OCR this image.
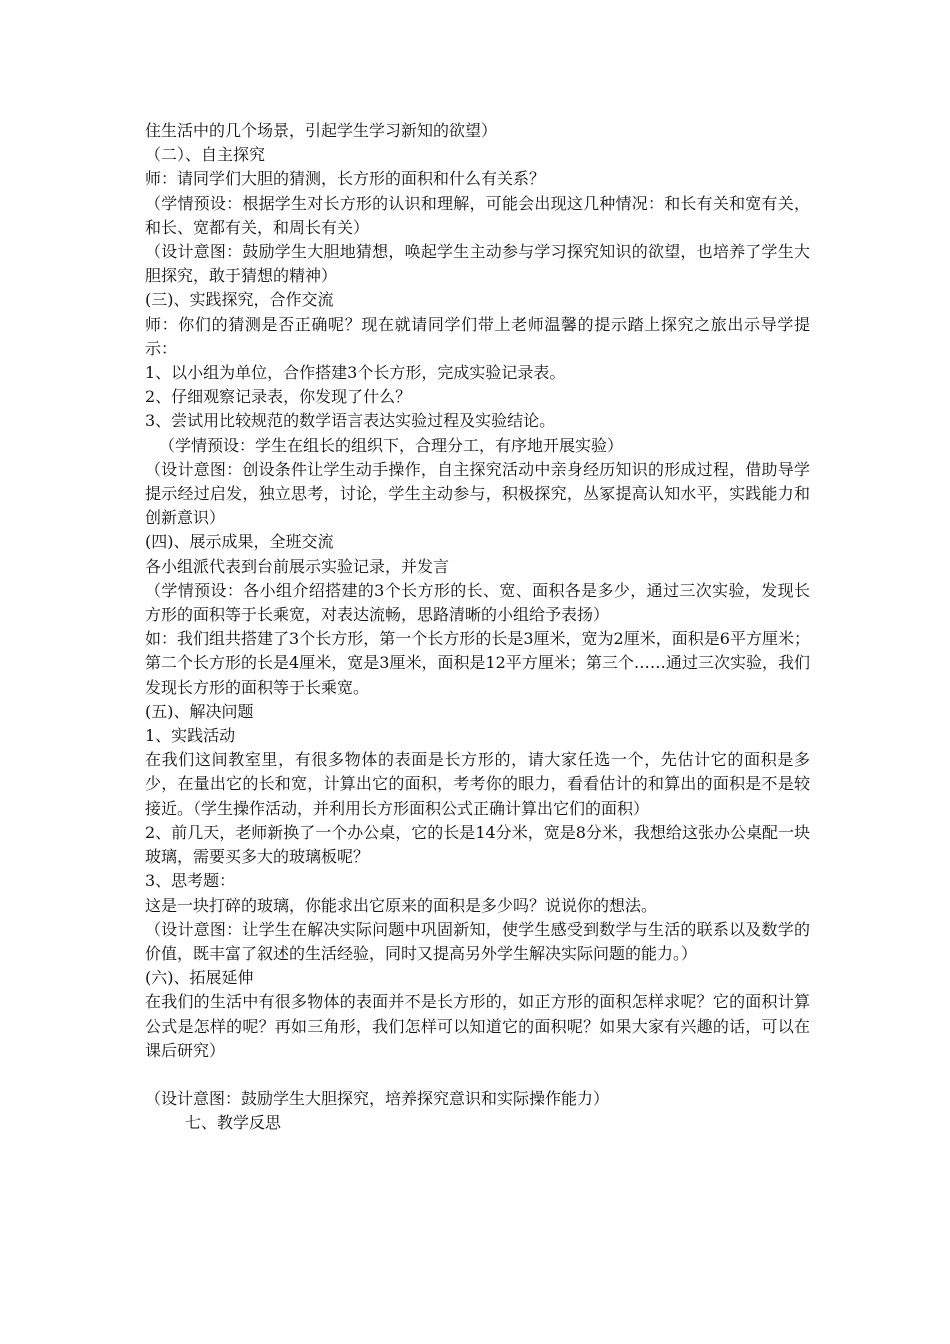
住生活中的几个场景，引起学生学习新知的欲望）

（二）、自主探究

师：请同学们大胆的猜测，长方形的面积和什么有关系？

（学情预设：根据学生对长方形的认识和理解，可能会出现这几种情况：和长有关和宽有关，和长、宽都有关，和周长有关）

（设计意图：鼓励学生大胆地猜想，唤起学生主动参与学习探究知识的欲望，也培养了学生大胆探究，敢于猜想的精神）

(三)、实践探究，合作交流

师：你们的猜测是否正确呢？现在就请同学们带上老师温馨的提示踏上探究之旅出示导学提示：

1、以小组为单位，合作搭建3个长方形，完成实验记录表。

2、仔细观察记录表，你发现了什么？

3、尝试用比较规范的数学语言表达实验过程及实验结论。

（学情预设：学生在组长的组织下，合理分工，有序地开展实验）

（设计意图：创设条件让学生动手操作，自主探究活动中亲身经历知识的形成过程，借助导学提示经过启发，独立思考，讨论，学生主动参与，积极探究，丛冢提高认知水平，实践能力和创新意识）

(四)、展示成果，全班交流

各小组派代表到台前展示实验记录，并发言

（学情预设：各小组介绍搭建的3个长方形的长、宽、面积各是多少，通过三次实验，发现长方形的面积等于长乘宽，对表达流畅，思路清晰的小组给予表扬）

如：我们组共搭建了3个长方形，第一个长方形的长是3厘米，宽为2厘米，面积是6平方厘米；第二个长方形的长是4厘米，宽是3厘米，面积是12平方厘米；第三个……通过三次实验，我们发现长方形的面积等于长乘宽。

(五)、解决问题

1、实践活动

在我们这间教室里，有很多物体的表面是长方形的，请大家任选一个，先估计它的面积是多少，在量出它的长和宽，计算出它的面积，考考你的眼力，看看估计的和算出的面积是不是较接近。（学生操作活动，并利用长方形面积公式正确计算出它们的面积）

2、前几天，老师新换了一个办公桌，它的长是14分米，宽是8分米，我想给这张办公桌配一块玻璃，需要买多大的玻璃板呢？

3、思考题：

这是一块打碎的玻璃，你能求出它原来的面积是多少吗？说说你的想法。

（设计意图：让学生在解决实际问题中巩固新知，使学生感受到数学与生活的联系以及数学的价值，既丰富了叙述的生活经验，同时又提高另外学生解决实际问题的能力。）

(六)、拓展延伸

在我们的生活中有很多物体的表面并不是长方形的，如正方形的面积怎样求呢？它的面积计算公式是怎样的呢？再如三角形，我们怎样可以知道它的面积呢？如果大家有兴趣的话，可以在课后研究）

（设计意图：鼓励学生大胆探究，培养探究意识和实际操作能力）

七、教学反思
